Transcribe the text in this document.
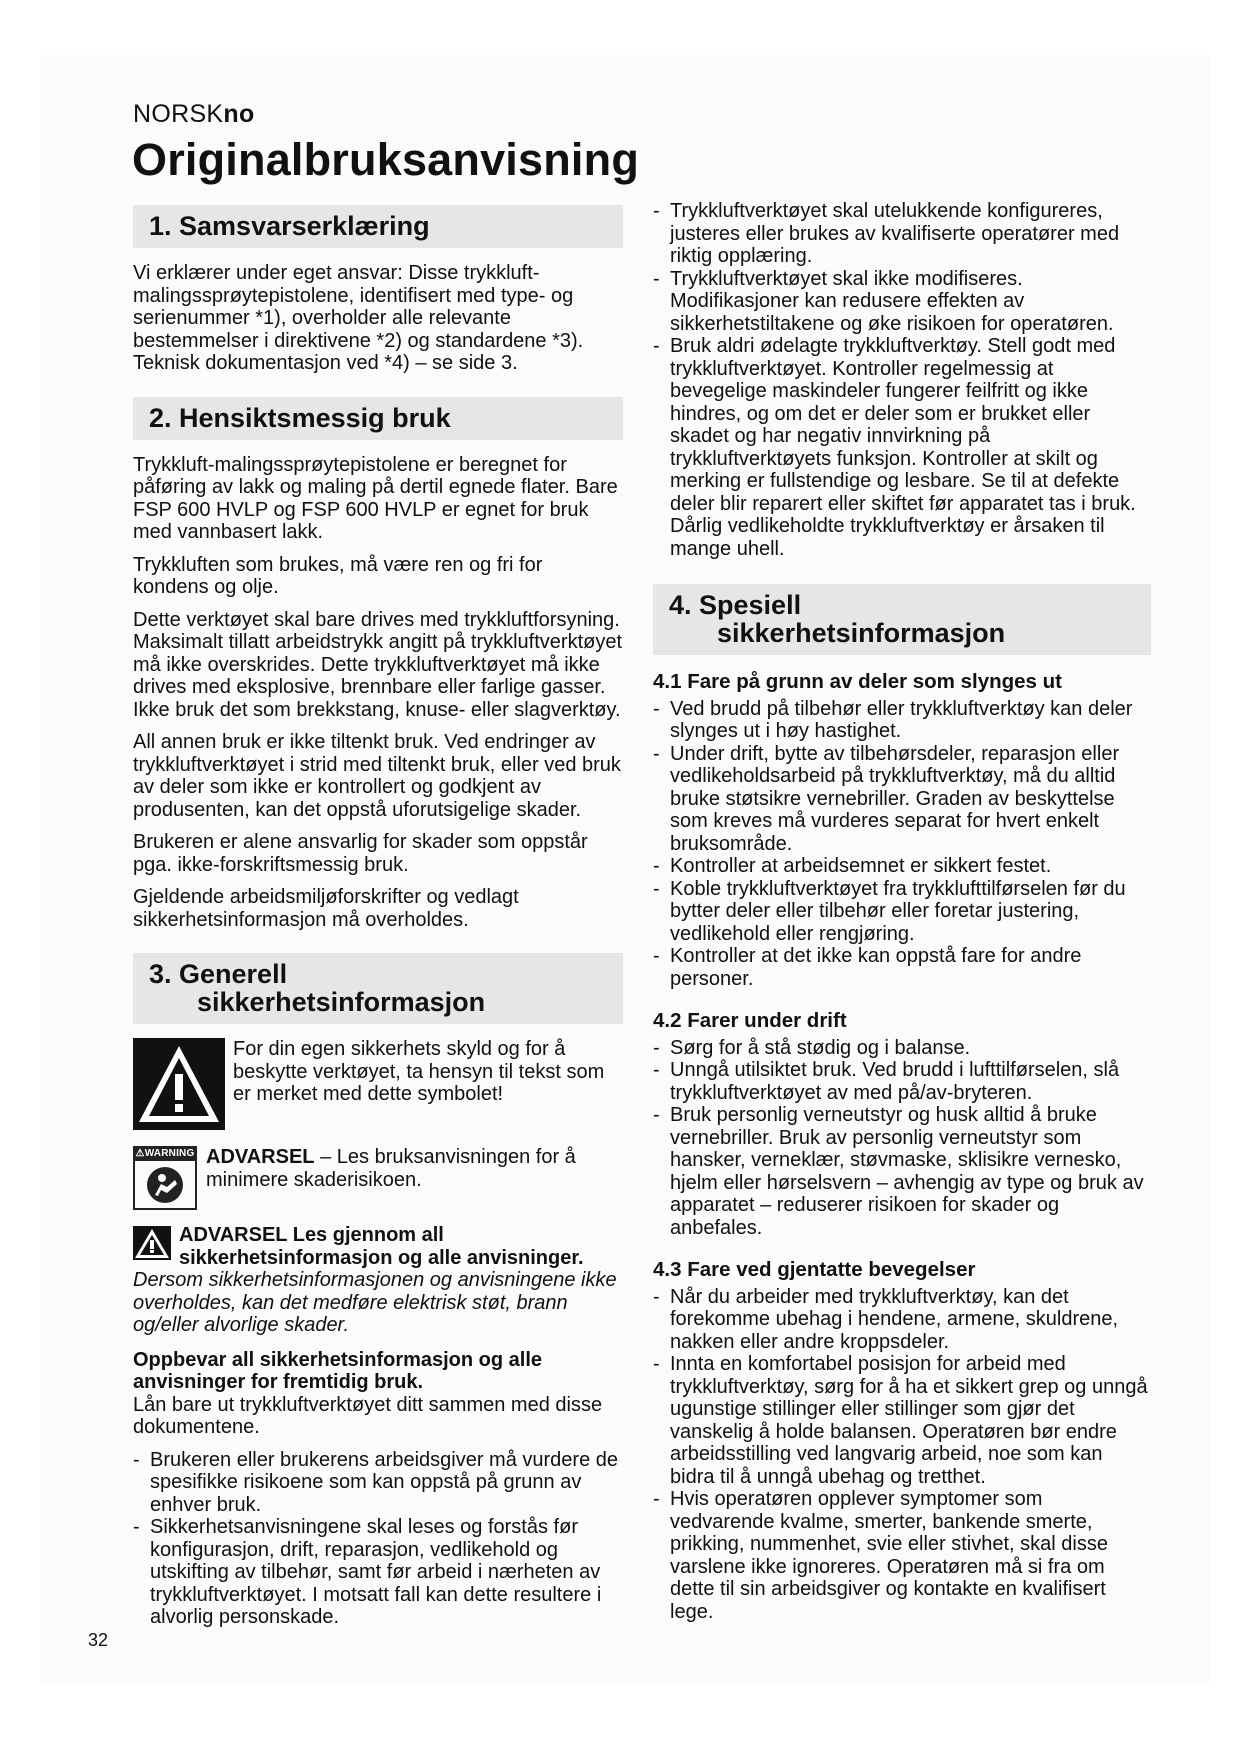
NORSKno
Originalbruksanvisning
1. Samsvarserklæring
Vi erklærer under eget ansvar: Disse trykkluft-malingssprøytepistolene, identifisert med type- og serienummer *1), overholder alle relevante bestemmelser i direktivene *2) og standardene *3). Teknisk dokumentasjon ved *4) – se side 3.
2. Hensiktsmessig bruk
Trykkluft-malingssprøytepistolene er beregnet for påføring av lakk og maling på dertil egnede flater. Bare FSP 600 HVLP og FSP 600 HVLP er egnet for bruk med vannbasert lakk.
Trykkluften som brukes, må være ren og fri for kondens og olje.
Dette verktøyet skal bare drives med trykkluftforsyning. Maksimalt tillatt arbeidstrykk angitt på trykkluftverktøyet må ikke overskrides. Dette trykkluftverktøyet må ikke drives med eksplosive, brennbare eller farlige gasser. Ikke bruk det som brekkstang, knuse- eller slagverktøy.
All annen bruk er ikke tiltenkt bruk. Ved endringer av trykkluftverktøyet i strid med tiltenkt bruk, eller ved bruk av deler som ikke er kontrollert og godkjent av produsenten, kan det oppstå uforutsigelige skader.
Brukeren er alene ansvarlig for skader som oppstår pga. ikke-forskriftsmessig bruk.
Gjeldende arbeidsmiljøforskrifter og vedlagt sikkerhetsinformasjon må overholdes.
3. Generell
sikkerhetsinformasjon
For din egen sikkerhets skyld og for å beskytte verktøyet, ta hensyn til tekst som er merket med dette symbolet!
⚠WARNING ADVARSEL – Les bruksanvisningen for å minimere skaderisikoen.
ADVARSEL Les gjennom all sikkerhetsinformasjon og alle anvisninger. Dersom sikkerhetsinformasjonen og anvisningene ikke overholdes, kan det medføre elektrisk støt, brann og/eller alvorlige skader.
Oppbevar all sikkerhetsinformasjon og alle anvisninger for fremtidig bruk.
Lån bare ut trykkluftverktøyet ditt sammen med disse dokumentene.
- Brukeren eller brukerens arbeidsgiver må vurdere de spesifikke risikoene som kan oppstå på grunn av enhver bruk.
- Sikkerhetsanvisningene skal leses og forstås før konfigurasjon, drift, reparasjon, vedlikehold og utskifting av tilbehør, samt før arbeid i nærheten av trykkluftverktøyet. I motsatt fall kan dette resultere i alvorlig personskade.
- Trykkluftverktøyet skal utelukkende konfigureres, justeres eller brukes av kvalifiserte operatører med riktig opplæring.
- Trykkluftverktøyet skal ikke modifiseres. Modifikasjoner kan redusere effekten av sikkerhetstiltakene og øke risikoen for operatøren.
- Bruk aldri ødelagte trykkluftverktøy. Stell godt med trykkluftverktøyet. Kontroller regelmessig at bevegelige maskindeler fungerer feilfritt og ikke hindres, og om det er deler som er brukket eller skadet og har negativ innvirkning på trykkluftverktøyets funksjon. Kontroller at skilt og merking er fullstendige og lesbare. Se til at defekte deler blir reparert eller skiftet før apparatet tas i bruk. Dårlig vedlikeholdte trykkluftverktøy er årsaken til mange uhell.
4. Spesiell
sikkerhetsinformasjon
4.1 Fare på grunn av deler som slynges ut
- Ved brudd på tilbehør eller trykkluftverktøy kan deler slynges ut i høy hastighet.
- Under drift, bytte av tilbehørsdeler, reparasjon eller vedlikeholdsarbeid på trykkluftverktøy, må du alltid bruke støtsikre vernebriller. Graden av beskyttelse som kreves må vurderes separat for hvert enkelt bruksområde.
- Kontroller at arbeidsemnet er sikkert festet.
- Koble trykkluftverktøyet fra trykklufttilførselen før du bytter deler eller tilbehør eller foretar justering, vedlikehold eller rengjøring.
- Kontroller at det ikke kan oppstå fare for andre personer.
4.2 Farer under drift
- Sørg for å stå stødig og i balanse.
- Unngå utilsiktet bruk. Ved brudd i lufttilførselen, slå trykkluftverktøyet av med på/av-bryteren.
- Bruk personlig verneutstyr og husk alltid å bruke vernebriller. Bruk av personlig verneutstyr som hansker, verneklær, støvmaske, sklisikre vernesko, hjelm eller hørselsvern – avhengig av type og bruk av apparatet – reduserer risikoen for skader og anbefales.
4.3 Fare ved gjentatte bevegelser
- Når du arbeider med trykkluftverktøy, kan det forekomme ubehag i hendene, armene, skuldrene, nakken eller andre kroppsdeler.
- Innta en komfortabel posisjon for arbeid med trykkluftverktøy, sørg for å ha et sikkert grep og unngå ugunstige stillinger eller stillinger som gjør det vanskelig å holde balansen. Operatøren bør endre arbeidsstilling ved langvarig arbeid, noe som kan bidra til å unngå ubehag og tretthet.
- Hvis operatøren opplever symptomer som vedvarende kvalme, smerter, bankende smerte, prikking, nummenhet, svie eller stivhet, skal disse varslene ikke ignoreres. Operatøren må si fra om dette til sin arbeidsgiver og kontakte en kvalifisert lege.
32
